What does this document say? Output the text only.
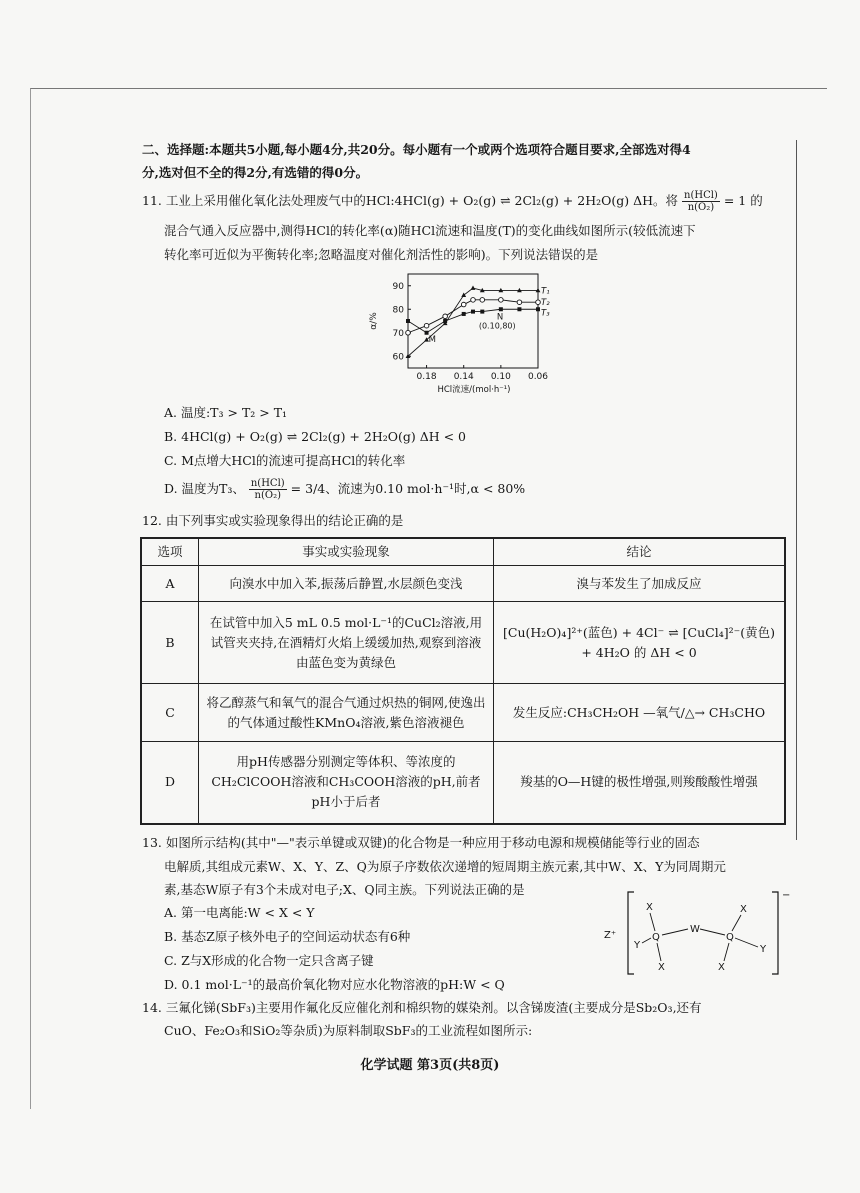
二、选择题:本题共5小题,每小题4分,共20分。每小题有一个或两个选项符合题目要求,全部选对得4
分,选对但不全的得2分,有选错的得0分。
11. 工业上采用催化氧化法处理废气中的HCl:4HCl(g) + O₂(g) ⇌ 2Cl₂(g) + 2H₂O(g) ΔH。将 $\frac{\text{n(HCl)}}{\text{n(O₂)}} = 1$ 的
混合气通入反应器中,测得HCl的转化率(α)随HCl流速和温度(T)的变化曲线如图所示(较低流速下
转化率可近似为平衡转化率;忽略温度对催化剂活性的影响)。下列说法错误的是
0.18 0.14 0.10 0.06
60
70
80
90
HCl流速/(mol·h⁻¹)
α/%
T₁
T₂
T₃
M
N
(0.10,80)
A. 温度:T₃ > T₂ > T₁
B. 4HCl(g) + O₂(g) ⇌ 2Cl₂(g) + 2H₂O(g) ΔH < 0
C. M点增大HCl的流速可提高HCl的转化率
D. 温度为T₃、 $\frac{\text{n(HCl)}}{\text{n(O₂)}} = 3/4$、流速为0.10 mol·h⁻¹时,α < 80%
12. 由下列事实或实验现象得出的结论正确的是
选项	事实或实验现象	结论
A	向溴水中加入苯,振荡后静置,水层颜色变浅	溴与苯发生了加成反应
B	在试管中加入5 mL 0.5 mol·L⁻¹的CuCl₂溶液,用试管夹夹持,在酒精灯火焰上缓缓加热,观察到溶液由蓝色变为黄绿色	[Cu(H₂O)₄]²⁺(蓝色) + 4Cl⁻ ⇌ [CuCl₄]²⁻(黄色) + 4H₂O 的 ΔH < 0
C	将乙醇蒸气和氧气的混合气通过炽热的铜网,使逸出的气体通过酸性KMnO₄溶液,紫色溶液褪色	发生反应:CH₃CH₂OH —氧气/△→ CH₃CHO
D	用pH传感器分别测定等体积、等浓度的CH₂ClCOOH溶液和CH₃COOH溶液的pH,前者pH小于后者	羧基的O—H键的极性增强,则羧酸酸性增强
13. 如图所示结构(其中"—"表示单键或双键)的化合物是一种应用于移动电源和规模储能等行业的固态
电解质,其组成元素W、X、Y、Z、Q为原子序数依次递增的短周期主族元素,其中W、X、Y为同周期元
素,基态W原子有3个未成对电子;X、Q同主族。下列说法正确的是
A. 第一电离能:W < X < Y
B. 基态Z原子核外电子的空间运动状态有6种
C. Z与X形成的化合物一定只含离子键
D. 0.1 mol·L⁻¹的最高价氧化物对应水化物溶液的pH:W < Q
Z⁺
−
X
Y
Q
X
W
Q
X
X
Y
14. 三氟化锑(SbF₃)主要用作氟化反应催化剂和棉织物的媒染剂。以含锑废渣(主要成分是Sb₂O₃,还有
CuO、Fe₂O₃和SiO₂等杂质)为原料制取SbF₃的工业流程如图所示:
化学试题 第3页(共8页)
